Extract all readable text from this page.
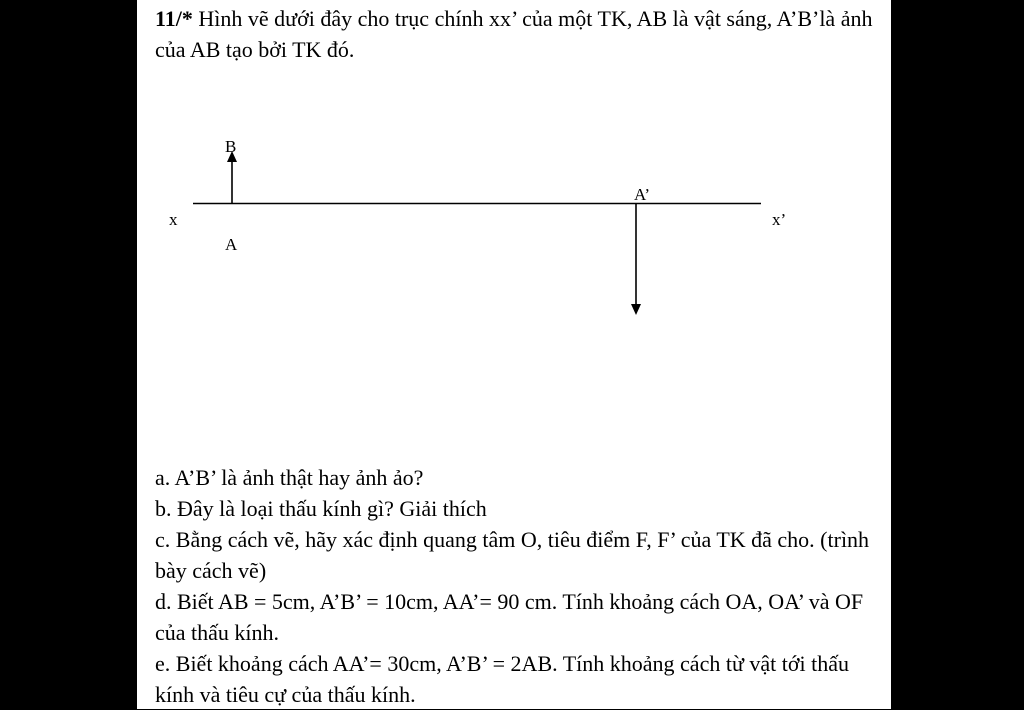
11/* Hình vẽ dưới đây cho trục chính xx’ của một TK, AB là vật sáng, A’B’là ảnh của AB tạo bởi TK đó.
x	x’
A
B
A’

a. A’B’ là ảnh thật hay ảnh ảo?

b. Đây là loại thấu kính gì? Giải thích

c. Bằng cách vẽ, hãy xác định quang tâm O, tiêu điểm F, F’ của TK đã cho. (trình bày cách vẽ)

d. Biết AB = 5cm, A’B’ = 10cm, AA’= 90 cm. Tính khoảng cách OA, OA’ và OF của thấu kính.

e. Biết khoảng cách AA’= 30cm, A’B’ = 2AB. Tính khoảng cách từ vật tới thấu kính và tiêu cự của thấu kính.
